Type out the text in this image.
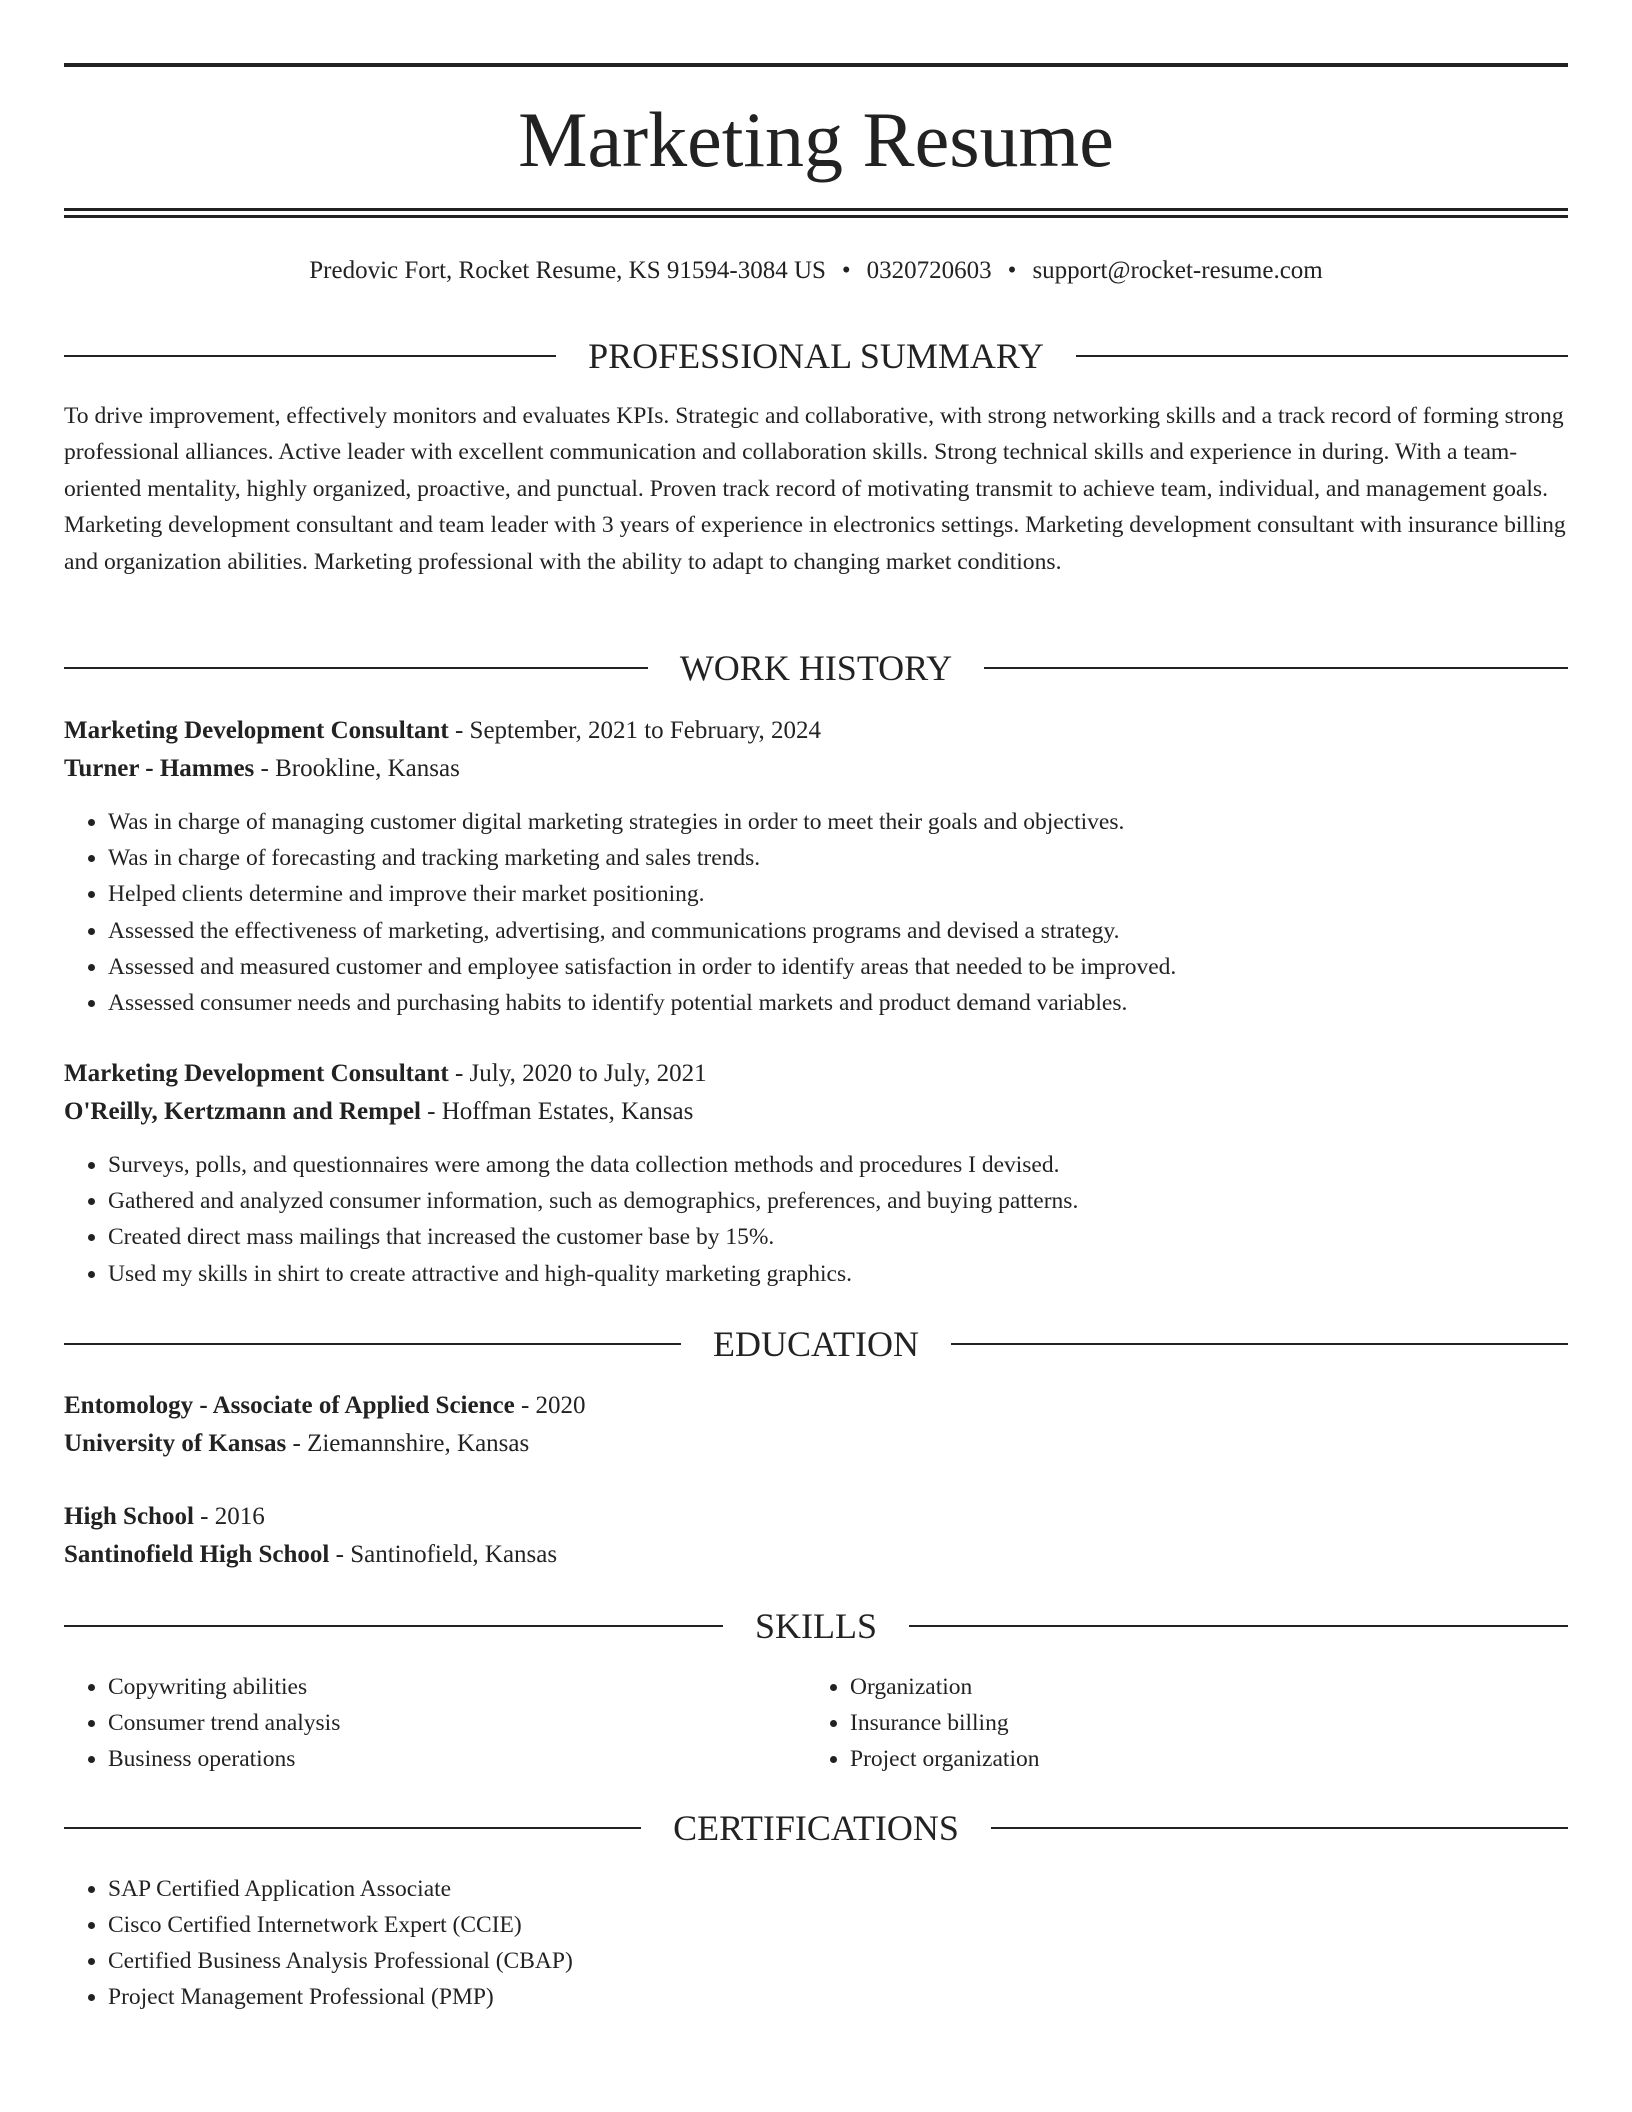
Marketing Resume
Predovic Fort, Rocket Resume, KS 91594-3084 US • 0320720603 • support@rocket-resume.com
PROFESSIONAL SUMMARY

To drive improvement, effectively monitors and evaluates KPIs. Strategic and collaborative, with strong networking skills and a track record of forming strong professional alliances. Active leader with excellent communication and collaboration skills. Strong technical skills and experience in during. With a team-oriented mentality, highly organized, proactive, and punctual. Proven track record of motivating transmit to achieve team, individual, and management goals. Marketing development consultant and team leader with 3 years of experience in electronics settings. Marketing development consultant with insurance billing and organization abilities. Marketing professional with the ability to adapt to changing market conditions.

WORK HISTORY
Marketing Development Consultant - September, 2021 to February, 2024
Turner - Hammes - Brookline, Kansas
• Was in charge of managing customer digital marketing strategies in order to meet their goals and objectives.
• Was in charge of forecasting and tracking marketing and sales trends.
• Helped clients determine and improve their market positioning.
• Assessed the effectiveness of marketing, advertising, and communications programs and devised a strategy.
• Assessed and measured customer and employee satisfaction in order to identify areas that needed to be improved.
• Assessed consumer needs and purchasing habits to identify potential markets and product demand variables.
Marketing Development Consultant - July, 2020 to July, 2021
O'Reilly, Kertzmann and Rempel - Hoffman Estates, Kansas
• Surveys, polls, and questionnaires were among the data collection methods and procedures I devised.
• Gathered and analyzed consumer information, such as demographics, preferences, and buying patterns.
• Created direct mass mailings that increased the customer base by 15%.
• Used my skills in shirt to create attractive and high-quality marketing graphics.
EDUCATION
Entomology - Associate of Applied Science - 2020
University of Kansas - Ziemannshire, Kansas
High School - 2016
Santinofield High School - Santinofield, Kansas
SKILLS
• Copywriting abilities
• Consumer trend analysis
• Business operations
• Organization
• Insurance billing
• Project organization
CERTIFICATIONS
• SAP Certified Application Associate
• Cisco Certified Internetwork Expert (CCIE)
• Certified Business Analysis Professional (CBAP)
• Project Management Professional (PMP)
